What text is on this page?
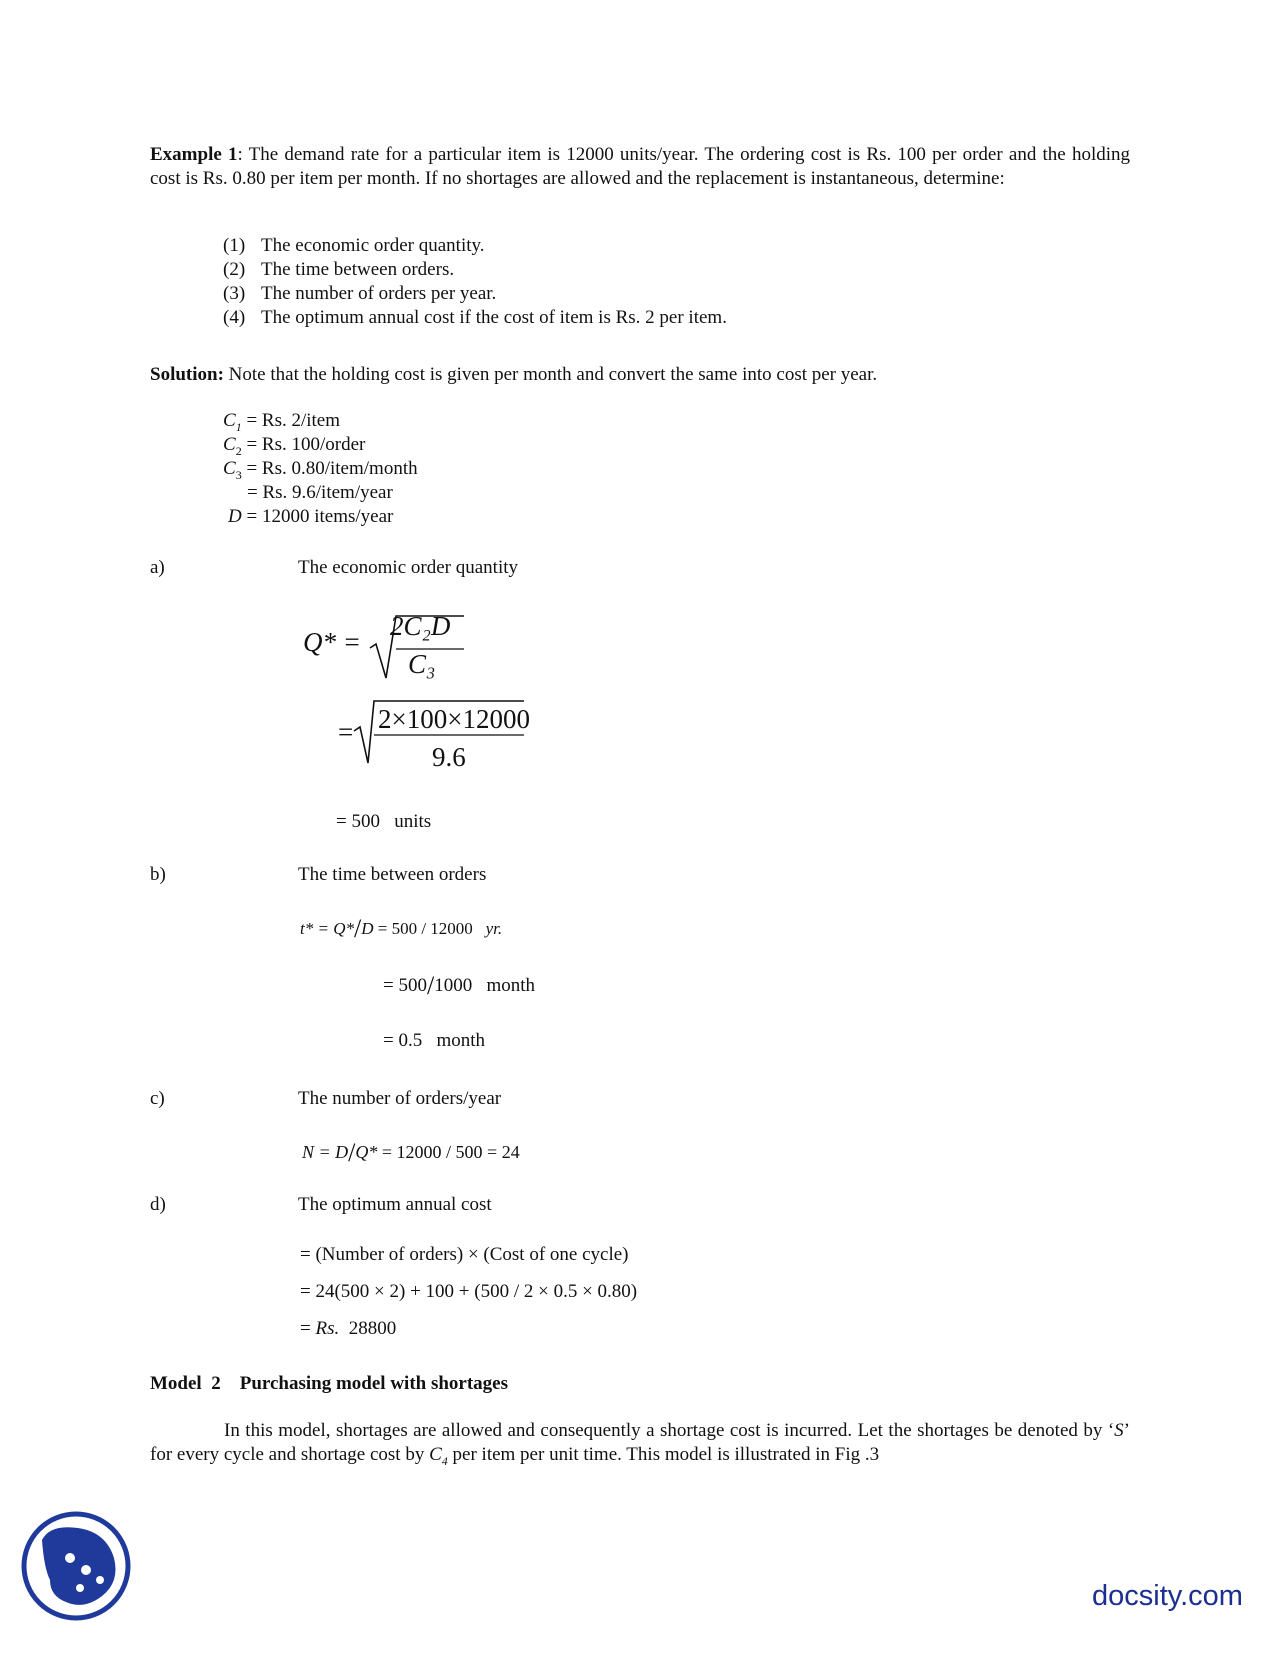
Example 1: The demand rate for a particular item is 12000 units/year. The ordering cost is Rs. 100 per order and the holding cost is Rs. 0.80 per item per month. If no shortages are allowed and the replacement is instantaneous, determine:

(1) The economic order quantity.
(2) The time between orders.
(3) The number of orders per year.
(4) The optimum annual cost if the cost of item is Rs. 2 per item.
Solution: Note that the holding cost is given per month and convert the same into cost per year.
$C_1 = Rs$. 2/item
$C_2 = Rs$. 100/order
$C_3 = Rs$. 0.80/item/month
= Rs. 9.6/item/year
D = 12000 items/year
a)	The economic order quantity
Q* =
2C₂D
C₃
= 2×100×12000
9.6
= 500   units
b)	The time between orders
t* = Q*/D = 500 / 12000 yr.
= 500/1000 month
= 0.5 month
c)	The number of orders/year
N = D/Q* = 12000 / 500 = 24
d)	The optimum annual cost
= (Number of orders) × (Cost of one cycle)
= 24(500 × 2) + 100 + (500 / 2 × 0.5 × 0.80)
= Rs. 28800
Model  2    Purchasing model with shortages

In this model, shortages are allowed and consequently a shortage cost is incurred. Let the shortages be denoted by ‘S’ for every cycle and shortage cost by $C_4$ per item per unit time. This model is illustrated in Fig .3

docsity.com
